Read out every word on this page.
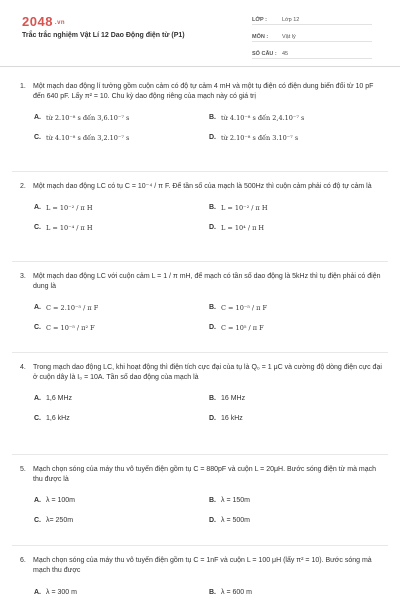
2048 .vn
Trắc trắc nghiệm Vật Lí 12 Dao Động điện từ (P1)
LỚP :	Lớp 12
MÔN :	Vật lý
SỐ CÂU : 45
1.	Một mạch dao động lí tưởng gồm cuộn cảm có độ tự cảm 4 mH và một tụ điện có điện dung biến đổi từ 10 pF đến 640 pF. Lấy π² = 10. Chu kỳ dao động riêng của mạch này có giá trị
A. từ 2.10⁻⁸ s đến 3,6.10⁻⁷ s	B. từ 4.10⁻⁸ s đến 2,4.10⁻⁷ s
C. từ 4.10⁻⁸ s đến 3,2.10⁻⁷ s	D. từ 2.10⁻⁸ s đến 3.10⁻⁷ s
2.	Một mạch dao động LC có tụ C = 10⁻⁴ / π F. Để tần số của mạch là 500Hz thì cuộn cảm phải có độ tự cảm là
A. L = 10⁻² / π H	B. L = 10⁻² / π H
C. L = 10⁻⁴ / π H	D. L = 10⁴ / π H
3.	Một mạch dao động LC với cuộn cảm L = 1 / π mH, để mạch có tần số dao động là 5kHz thì tụ điện phải có điện dung là
A. C = 2.10⁻⁵ / π F	B. C = 10⁻⁵ / π F
C. C = 10⁻⁵ / π² F	D. C = 10⁵ / π F
4.	Trong mạch dao động LC, khi hoạt động thì điện tích cực đại của tụ là Q₀ = 1 μC và cường độ dòng điện cực đại ở cuộn dây là I₀ = 10A. Tần số dao động của mạch là
A. 1,6 MHz	B. 16 MHz
C. 1,6 kHz	D. 16 kHz
5.	Mạch chọn sóng của máy thu vô tuyến điện gồm tụ C = 880pF và cuộn L = 20μH. Bước sóng điện từ mà mạch thu được là
A. λ = 100m	B. λ = 150m
C. λ= 250m	D. λ = 500m
6.	Mạch chọn sóng của máy thu vô tuyến điện gồm tụ C = 1nF và cuộn L = 100 μH (lấy π² = 10). Bước sóng mà mạch thu được
A. λ = 300 m	B. λ = 600 m
